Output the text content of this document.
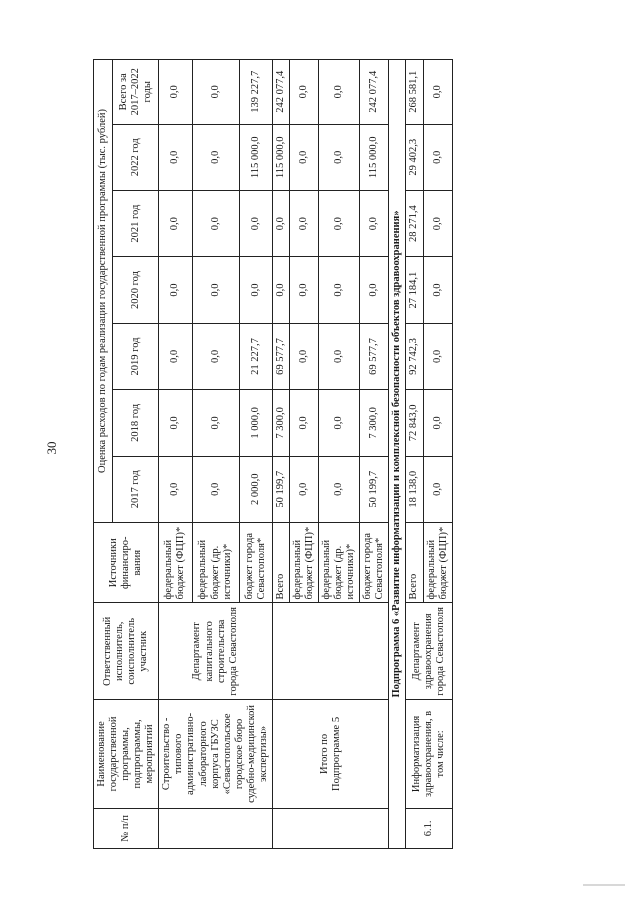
30
№ п/п	Наименование государственной программы, подпрограммы, мероприятий	Ответственный исполнитель, соисполнитель участник	Источники финансиро-вания	Оценка расходов по годам реализации государственной программы (тыс. рублей)						
				2017 год	2018 год	2019 год	2020 год	2021 год	2022 год	Всего за 2017–2022 годы
	Строительство - типового административно-лабораторного корпуса ГБУЗС «Севастопольское городское бюро судебно-медицинской экспертизы»	Департамент капитального строительства города Севастополя	федеральный бюджет (ФЦП)*	0,0	0,0	0,0	0,0	0,0	0,0	0,0
			федеральный бюджет (др. источники)*	0,0	0,0	0,0	0,0	0,0	0,0	0,0
			бюджет города Севастополя*	2 000,0	1 000,0	21 227,7	0,0	0,0	115 000,0	139 227,7
	Итого по Подпрограмме 5		Всего	50 199,7	7 300,0	69 577,7	0,0	0,0	115 000,0	242 077,4
			федеральный бюджет (ФЦП)*	0,0	0,0	0,0	0,0	0,0	0,0	0,0
			федеральный бюджет (др. источники)*	0,0	0,0	0,0	0,0	0,0	0,0	0,0
			бюджет города Севастополя*	50 199,7	7 300,0	69 577,7	0,0	0,0	115 000,0	242 077,4
Подпрограмма 6 «Развитие информатизации и комплексной безопасности объектов здравоохранения»										
6.1.	Информатизация здравоохранения, в том числе:	Департамент здравоохранения города Севастополя	Всего	18 138,0	72 843,0	92 742,3	27 184,1	28 271,4	29 402,3	268 581,1
			федеральный бюджет (ФЦП)*	0,0	0,0	0,0	0,0	0,0	0,0	0,0
